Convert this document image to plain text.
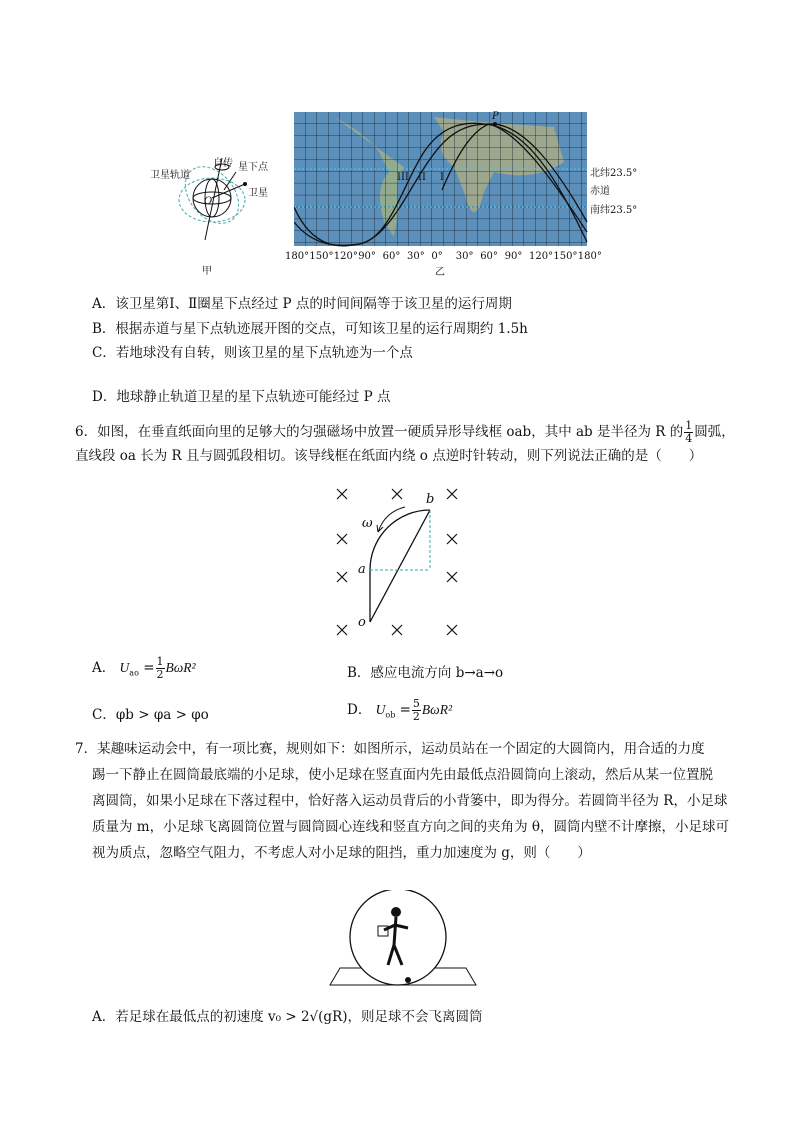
自传 星下点
卫星轨道
卫星
O
甲
P
III II I	北纬23.5°
赤道
南纬23.5°
180° 150° 120° 90° 60° 30° 0° 30° 60° 90° 120° 150° 180°
乙
A．该卫星第Ⅰ、Ⅱ圈星下点经过 P 点的时间间隔等于该卫星的运行周期
B．根据赤道与星下点轨迹展开图的交点，可知该卫星的运行周期约 1.5h
C．若地球没有自转，则该卫星的星下点轨迹为一个点
D．地球静止轨道卫星的星下点轨迹可能经过 P 点
6．如图，在垂直纸面向里的足够大的匀强磁场中放置一硬质异形导线框 oab，其中 ab 是半径为 R 的 $\frac{1}{4}$ 圆弧，
直线段 oa 长为 R 且与圆弧段相切。该导线框在纸面内绕 o 点逆时针转动，则下列说法正确的是（　　）
b
a
o
ω
A． $U_{ao} = \frac{1}{2} B\omega R^2$	B．感应电流方向 b→a→o
C．φb > φa > φo	D． $U_{ob} = \frac{5}{2} B\omega R^2$
7．某趣味运动会中，有一项比赛，规则如下：如图所示，运动员站在一个固定的大圆筒内，用合适的力度
踢一下静止在圆筒最底端的小足球，使小足球在竖直面内先由最低点沿圆筒向上滚动，然后从某一位置脱
离圆筒，如果小足球在下落过程中，恰好落入运动员背后的小背篓中，即为得分。若圆筒半径为 R，小足球
质量为 m，小足球飞离圆筒位置与圆筒圆心连线和竖直方向之间的夹角为 θ，圆筒内壁不计摩擦，小足球可
视为质点，忽略空气阻力，不考虑人对小足球的阻挡，重力加速度为 g，则（　　）
A．若足球在最低点的初速度 v₀ > 2√(gR)，则足球不会飞离圆筒
